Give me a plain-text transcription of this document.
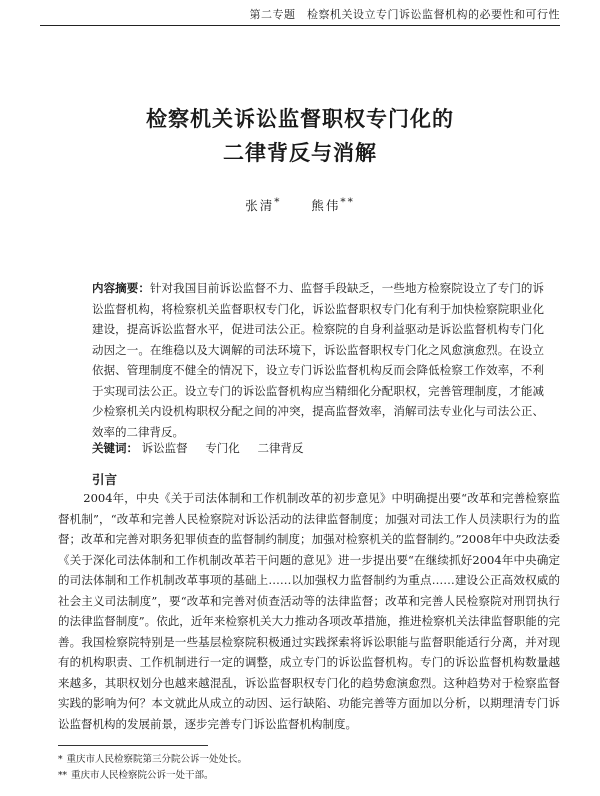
第二专题　检察机关设立专门诉讼监督机构的必要性和可行性
检察机关诉讼监督职权专门化的
二律背反与消解
张清* 熊伟**
内容摘要：针对我国目前诉讼监督不力、监督手段缺乏，一些地方检察院设立了专门的诉讼监督机构，将检察机关监督职权专门化，诉讼监督职权专门化有利于加快检察院职业化建设，提高诉讼监督水平，促进司法公正。检察院的自身利益驱动是诉讼监督机构专门化动因之一。在维稳以及大调解的司法环境下，诉讼监督职权专门化之风愈演愈烈。在设立依据、管理制度不健全的情况下，设立专门诉讼监督机构反而会降低检察工作效率，不利于实现司法公正。设立专门的诉讼监督机构应当精细化分配职权，完善管理制度，才能减少检察机关内设机构职权分配之间的冲突，提高监督效率，消解司法专业化与司法公正、效率的二律背反。
关键词： 诉讼监督 专门化 二律背反
引言

2004年，中央《关于司法体制和工作机制改革的初步意见》中明确提出要“改革和完善检察监督机制”，“改革和完善人民检察院对诉讼活动的法律监督制度；加强对司法工作人员渎职行为的监督；改革和完善对职务犯罪侦查的监督制约制度；加强对检察机关的监督制约。”2008年中央政法委《关于深化司法体制和工作机制改革若干问题的意见》进一步提出要“在继续抓好2004年中央确定的司法体制和工作机制改革事项的基础上……以加强权力监督制约为重点……建设公正高效权威的社会主义司法制度”，要“改革和完善对侦查活动等的法律监督；改革和完善人民检察院对刑罚执行的法律监督制度”。依此，近年来检察机关大力推动各项改革措施，推进检察机关法律监督职能的完善。我国检察院特别是一些基层检察院积极通过实践探索将诉讼职能与监督职能适行分离，并对现有的机构职责、工作机制进行一定的调整，成立专门的诉讼监督机构。专门的诉讼监督机构数量越来越多，其职权划分也越来越混乱，诉讼监督职权专门化的趋势愈演愈烈。这种趋势对于检察监督实践的影响为何？本文就此从成立的动因、运行缺陷、功能完善等方面加以分析，以期理清专门诉讼监督机构的发展前景，逐步完善专门诉讼监督机构制度。

* 重庆市人民检察院第三分院公诉一处处长。
** 重庆市人民检察院公诉一处干部。
